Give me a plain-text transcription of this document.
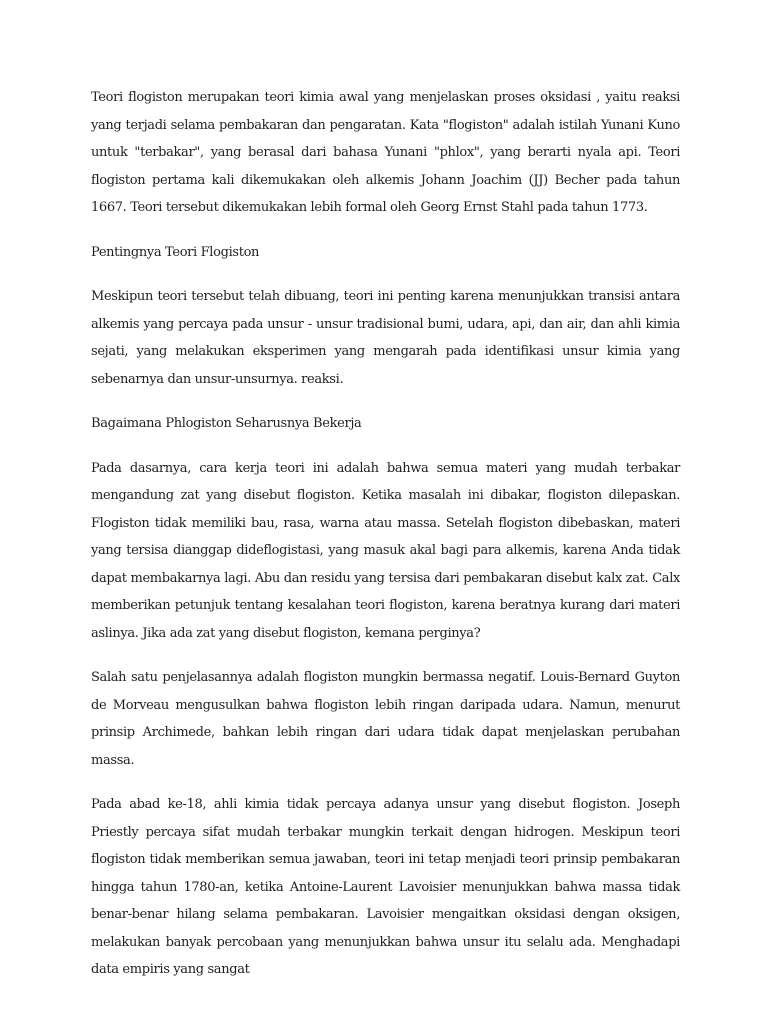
Teori flogiston merupakan teori kimia awal yang menjelaskan proses oksidasi , yaitu reaksi yang terjadi selama pembakaran dan pengaratan. Kata "flogiston" adalah istilah Yunani Kuno untuk "terbakar", yang berasal dari bahasa Yunani "phlox", yang berarti nyala api. Teori flogiston pertama kali dikemukakan oleh alkemis Johann Joachim (JJ) Becher pada tahun 1667. Teori tersebut dikemukakan lebih formal oleh Georg Ernst Stahl pada tahun 1773.

Pentingnya Teori Flogiston

Meskipun teori tersebut telah dibuang, teori ini penting karena menunjukkan transisi antara alkemis yang percaya pada unsur - unsur tradisional bumi, udara, api, dan air, dan ahli kimia sejati, yang melakukan eksperimen yang mengarah pada identifikasi unsur kimia yang sebenarnya dan unsur-unsurnya. reaksi.

Bagaimana Phlogiston Seharusnya Bekerja

Pada dasarnya, cara kerja teori ini adalah bahwa semua materi yang mudah terbakar mengandung zat yang disebut flogiston. Ketika masalah ini dibakar, flogiston dilepaskan. Flogiston tidak memiliki bau, rasa, warna atau massa. Setelah flogiston dibebaskan, materi yang tersisa dianggap dideflogistasi, yang masuk akal bagi para alkemis, karena Anda tidak dapat membakarnya lagi. Abu dan residu yang tersisa dari pembakaran disebut kalx zat. Calx memberikan petunjuk tentang kesalahan teori flogiston, karena beratnya kurang dari materi aslinya. Jika ada zat yang disebut flogiston, kemana perginya?

Salah satu penjelasannya adalah flogiston mungkin bermassa negatif. Louis-Bernard Guyton de Morveau mengusulkan bahwa flogiston lebih ringan daripada udara. Namun, menurut prinsip Archimede, bahkan lebih ringan dari udara tidak dapat menjelaskan perubahan massa.

Pada abad ke-18, ahli kimia tidak percaya adanya unsur yang disebut flogiston. Joseph Priestly percaya sifat mudah terbakar mungkin terkait dengan hidrogen. Meskipun teori flogiston tidak memberikan semua jawaban, teori ini tetap menjadi teori prinsip pembakaran hingga tahun 1780-an, ketika Antoine-Laurent Lavoisier menunjukkan bahwa massa tidak benar-benar hilang selama pembakaran. Lavoisier mengaitkan oksidasi dengan oksigen, melakukan banyak percobaan yang menunjukkan bahwa unsur itu selalu ada. Menghadapi data empiris yang sangat
